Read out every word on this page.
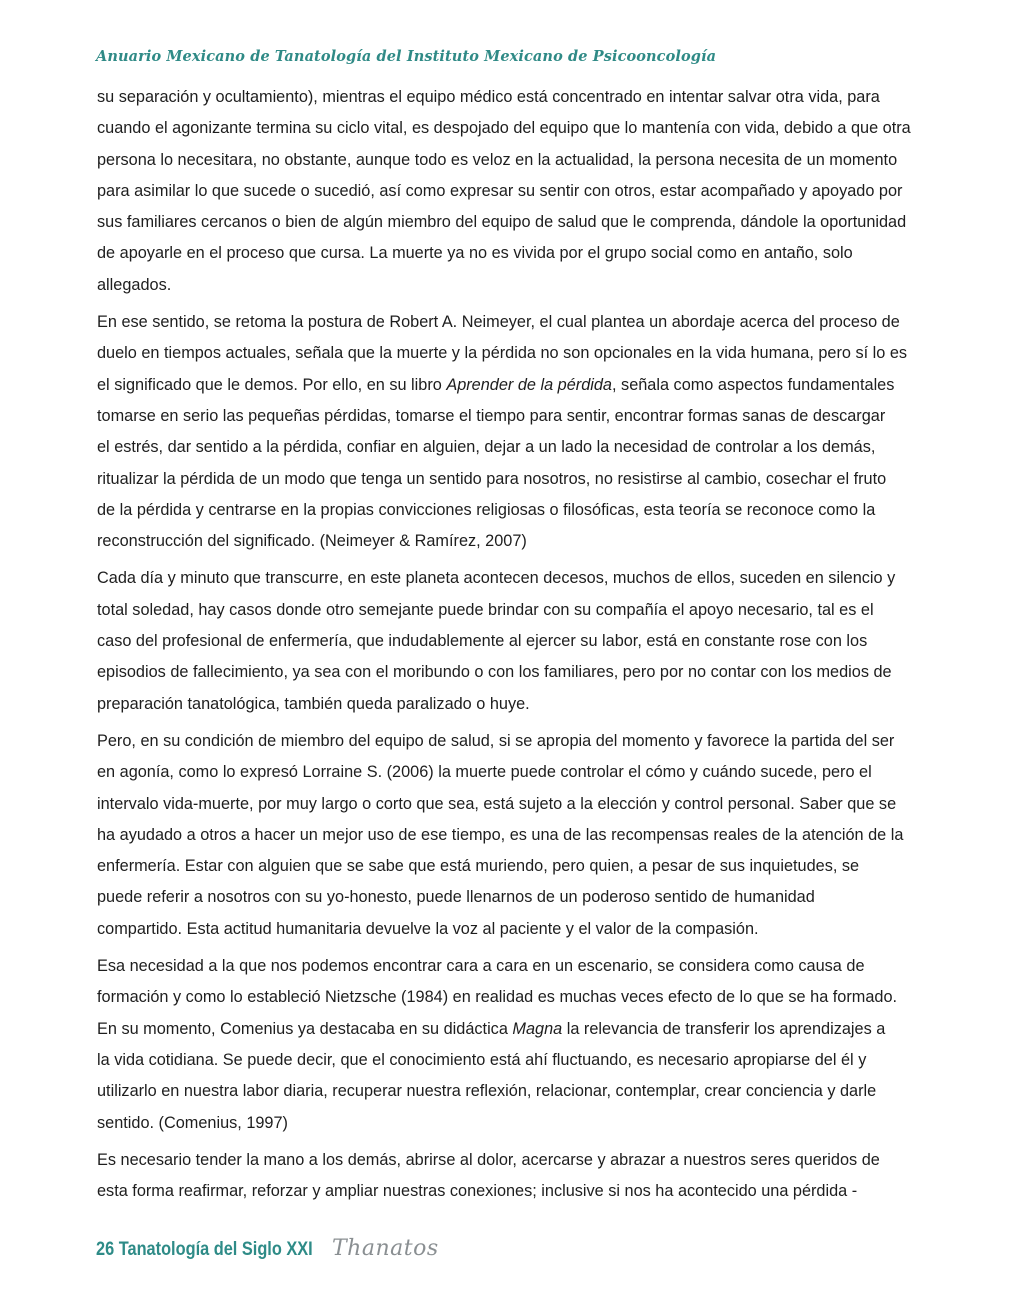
Anuario Mexicano de Tanatología del Instituto Mexicano de Psicooncología
su separación y ocultamiento), mientras el equipo médico está concentrado en intentar salvar otra vida, para
cuando el agonizante termina su ciclo vital, es despojado del equipo que lo mantenía con vida, debido a que otra
persona lo necesitara, no obstante, aunque todo es veloz en la actualidad, la persona necesita de un momento
para asimilar lo que sucede o sucedió, así como expresar su sentir con otros, estar acompañado y apoyado por
sus familiares cercanos o bien de algún miembro del equipo de salud que le comprenda, dándole la oportunidad
de apoyarle en el proceso que cursa. La muerte ya no es vivida por el grupo social como en antaño, solo
allegados.
En ese sentido, se retoma la postura de Robert A. Neimeyer, el cual plantea un abordaje acerca del proceso de
duelo en tiempos actuales, señala que la muerte y la pérdida no son opcionales en la vida humana, pero sí lo es
el significado que le demos. Por ello, en su libro Aprender de la pérdida, señala como aspectos fundamentales
tomarse en serio las pequeñas pérdidas, tomarse el tiempo para sentir, encontrar formas sanas de descargar
el estrés, dar sentido a la pérdida, confiar en alguien, dejar a un lado la necesidad de controlar a los demás,
ritualizar la pérdida de un modo que tenga un sentido para nosotros, no resistirse al cambio, cosechar el fruto
de la pérdida y centrarse en la propias convicciones religiosas o filosóficas, esta teoría se reconoce como la
reconstrucción del significado. (Neimeyer & Ramírez, 2007)
Cada día y minuto que transcurre, en este planeta acontecen decesos, muchos de ellos, suceden en silencio y
total soledad, hay casos donde otro semejante puede brindar con su compañía el apoyo necesario, tal es el
caso del profesional de enfermería, que indudablemente al ejercer su labor, está en constante rose con los
episodios de fallecimiento, ya sea con el moribundo o con los familiares, pero por no contar con los medios de
preparación tanatológica, también queda paralizado o huye.
Pero, en su condición de miembro del equipo de salud, si se apropia del momento y favorece la partida del ser
en agonía, como lo expresó Lorraine S. (2006) la muerte puede controlar el cómo y cuándo sucede, pero el
intervalo vida-muerte, por muy largo o corto que sea, está sujeto a la elección y control personal. Saber que se
ha ayudado a otros a hacer un mejor uso de ese tiempo, es una de las recompensas reales de la atención de la
enfermería. Estar con alguien que se sabe que está muriendo, pero quien, a pesar de sus inquietudes, se
puede referir a nosotros con su yo-honesto, puede llenarnos de un poderoso sentido de humanidad
compartido. Esta actitud humanitaria devuelve la voz al paciente y el valor de la compasión.
Esa necesidad a la que nos podemos encontrar cara a cara en un escenario, se considera como causa de
formación y como lo estableció Nietzsche (1984) en realidad es muchas veces efecto de lo que se ha formado.
En su momento, Comenius ya destacaba en su didáctica Magna la relevancia de transferir los aprendizajes a
la vida cotidiana. Se puede decir, que el conocimiento está ahí fluctuando, es necesario apropiarse del él y
utilizarlo en nuestra labor diaria, recuperar nuestra reflexión, relacionar, contemplar, crear conciencia y darle
sentido. (Comenius, 1997)
Es necesario tender la mano a los demás, abrirse al dolor, acercarse y abrazar a nuestros seres queridos de
esta forma reafirmar, reforzar y ampliar nuestras conexiones; inclusive si nos ha acontecido una pérdida -
26 Tanatología del Siglo XXI Thanatos
